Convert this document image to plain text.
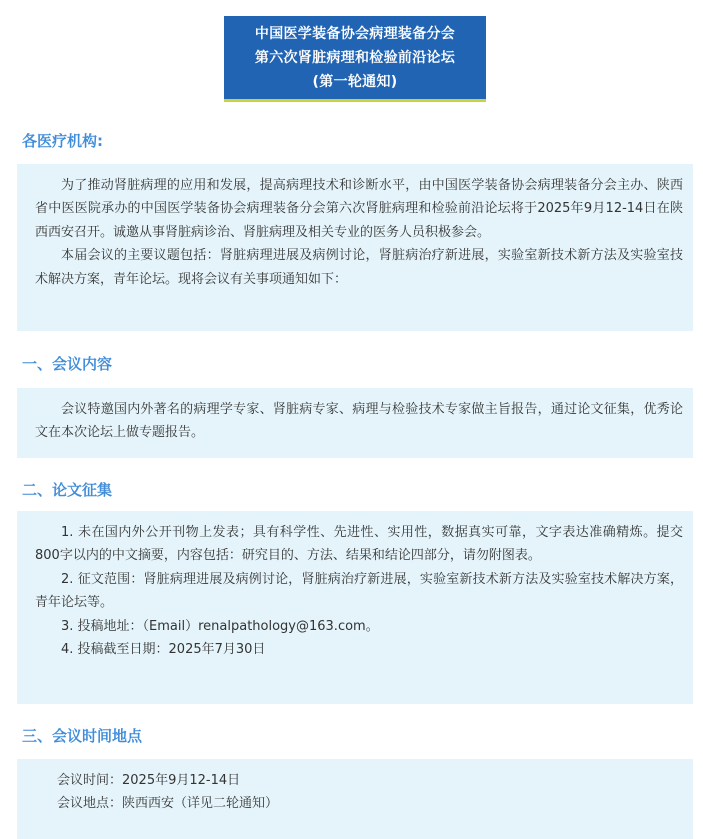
中国医学装备协会病理装备分会
第六次肾脏病理和检验前沿论坛
(第一轮通知)
各医疗机构:

为了推动肾脏病理的应用和发展，提高病理技术和诊断水平，由中国医学装备协会病理装备分会主办、陕西省中医医院承办的中国医学装备协会病理装备分会第六次肾脏病理和检验前沿论坛将于2025年9月12-14日在陕西西安召开。诚邀从事肾脏病诊治、肾脏病理及相关专业的医务人员积极参会。

本届会议的主要议题包括：肾脏病理进展及病例讨论，肾脏病治疗新进展，实验室新技术新方法及实验室技术解决方案，青年论坛。现将会议有关事项通知如下：

一、会议内容

会议特邀国内外著名的病理学专家、肾脏病专家、病理与检验技术专家做主旨报告，通过论文征集，优秀论文在本次论坛上做专题报告。

二、论文征集

1. 未在国内外公开刊物上发表；具有科学性、先进性、实用性，数据真实可靠，文字表达准确精炼。提交800字以内的中文摘要，内容包括：研究目的、方法、结果和结论四部分，请勿附图表。

2. 征文范围：肾脏病理进展及病例讨论，肾脏病治疗新进展，实验室新技术新方法及实验室技术解决方案，青年论坛等。

3. 投稿地址：（Email）renalpathology@163.com。

4. 投稿截至日期：2025年7月30日

三、会议时间地点

会议时间：2025年9月12-14日

会议地点：陕西西安（详见二轮通知）
